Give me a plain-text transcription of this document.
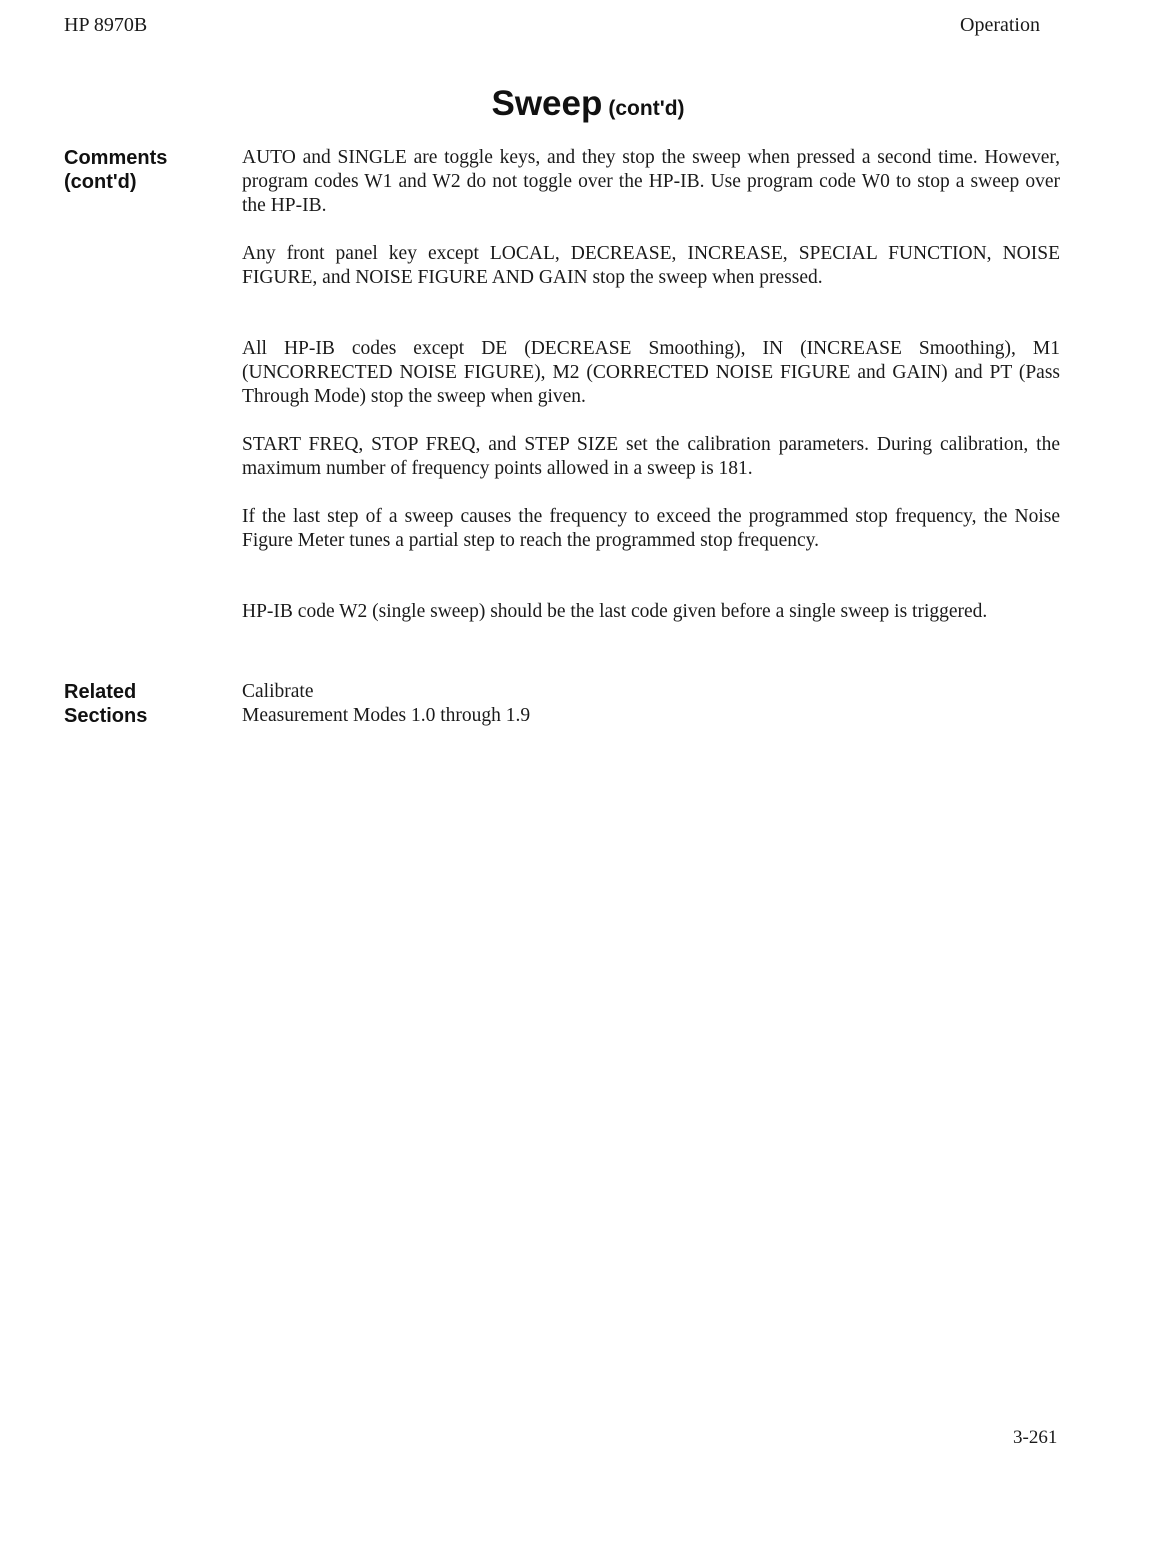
HP 8970B	Operation
Sweep (cont'd)
Comments
(cont'd)

AUTO and SINGLE are toggle keys, and they stop the sweep when pressed a second time. However, program codes W1 and W2 do not toggle over the HP-IB. Use program code W0 to stop a sweep over the HP-IB.

Any front panel key except LOCAL, DECREASE, INCREASE, SPECIAL FUNCTION, NOISE FIGURE, and NOISE FIGURE AND GAIN stop the sweep when pressed.

All HP-IB codes except DE (DECREASE Smoothing), IN (INCREASE Smoothing), M1 (UNCORRECTED NOISE FIGURE), M2 (CORRECTED NOISE FIGURE and GAIN) and PT (Pass Through Mode) stop the sweep when given.

START FREQ, STOP FREQ, and STEP SIZE set the calibration parameters. During calibration, the maximum number of frequency points allowed in a sweep is 181.

If the last step of a sweep causes the frequency to exceed the programmed stop frequency, the Noise Figure Meter tunes a partial step to reach the programmed stop frequency.

HP-IB code W2 (single sweep) should be the last code given before a single sweep is triggered.

Related
Sections
Calibrate
Measurement Modes 1.0 through 1.9
3-261
